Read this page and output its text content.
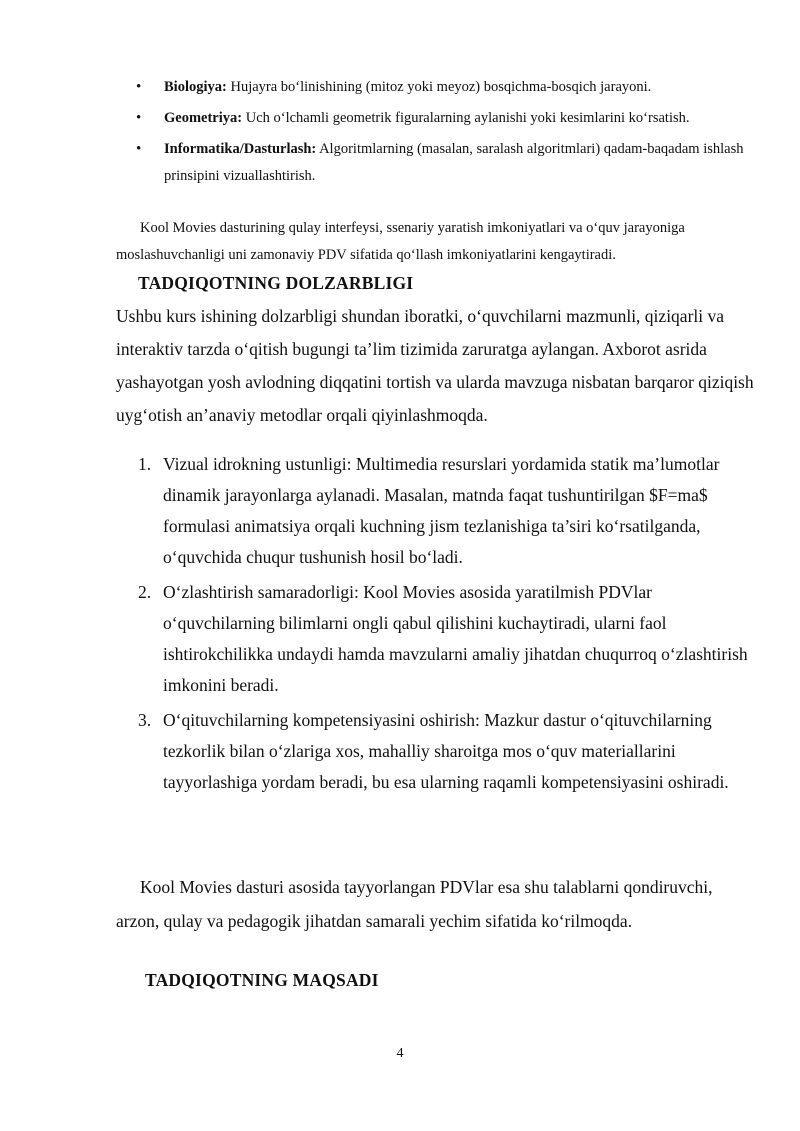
• Biologiya: Hujayra bo‘linishining (mitoz yoki meyoz) bosqichma-bosqich jarayoni.
• Geometriya: Uch o‘lchamli geometrik figuralarning aylanishi yoki kesimlarini ko‘rsatish.
• Informatika/Dasturlash: Algoritmlarning (masalan, saralash algoritmlari) qadam-baqadam ishlash prinsipini vizuallashtirish.

Kool Movies dasturining qulay interfeysi, ssenariy yaratish imkoniyatlari va o‘quv jarayoniga moslashuvchanligi uni zamonaviy PDV sifatida qo‘llash imkoniyatlarini kengaytiradi.

TADQIQOTNING DOLZARBLIGI

Ushbu kurs ishining dolzarbligi shundan iboratki, o‘quvchilarni mazmunli, qiziqarli va interaktiv tarzda o‘qitish bugungi ta’lim tizimida zaruratga aylangan. Axborot asrida yashayotgan yosh avlodning diqqatini tortish va ularda mavzuga nisbatan barqaror qiziqish uyg‘otish an’anaviy metodlar orqali qiyinlashmoqda.

1. Vizual idrokning ustunligi: Multimedia resurslari yordamida statik ma’lumotlar dinamik jarayonlarga aylanadi. Masalan, matnda faqat tushuntirilgan $F=ma$ formulasi animatsiya orqali kuchning jism tezlanishiga ta’siri ko‘rsatilganda, o‘quvchida chuqur tushunish hosil bo‘ladi.
2. O‘zlashtirish samaradorligi: Kool Movies asosida yaratilmish PDVlar o‘quvchilarning bilimlarni ongli qabul qilishini kuchaytiradi, ularni faol ishtirokchilikka undaydi hamda mavzularni amaliy jihatdan chuqurroq o‘zlashtirish imkonini beradi.
3. O‘qituvchilarning kompetensiyasini oshirish: Mazkur dastur o‘qituvchilarning tezkorlik bilan o‘zlariga xos, mahalliy sharoitga mos o‘quv materiallarini tayyorlashiga yordam beradi, bu esa ularning raqamli kompetensiyasini oshiradi.

Kool Movies dasturi asosida tayyorlangan PDVlar esa shu talablarni qondiruvchi, arzon, qulay va pedagogik jihatdan samarali yechim sifatida ko‘rilmoqda.

TADQIQOTNING MAQSADI
4
